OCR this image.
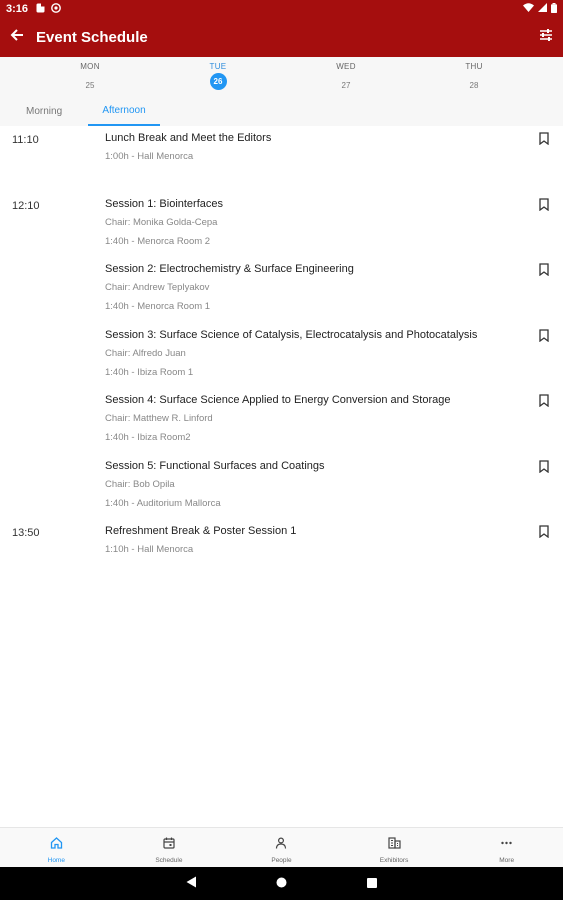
3:16
Event Schedule
MON
25
TUE
26
WED
27
THU
28
Morning	Afternoon
11:10	Lunch Break and Meet the Editors
1:00h - Hall Menorca
12:10	Session 1: Biointerfaces
Chair: Monika Golda-Cepa
1:40h - Menorca Room 2
Session 2: Electrochemistry & Surface Engineering
Chair: Andrew Teplyakov
1:40h - Menorca Room 1
Session 3: Surface Science of Catalysis, Electrocatalysis and Photocatalysis
Chair: Alfredo Juan
1:40h - Ibiza Room 1
Session 4: Surface Science Applied to Energy Conversion and Storage
Chair: Matthew R. Linford
1:40h - Ibiza Room2
Session 5: Functional Surfaces and Coatings
Chair: Bob Opila
1:40h - Auditorium Mallorca
13:50	Refreshment Break & Poster Session 1
1:10h - Hall Menorca
Home	Schedule	People	Exhibitors	More
